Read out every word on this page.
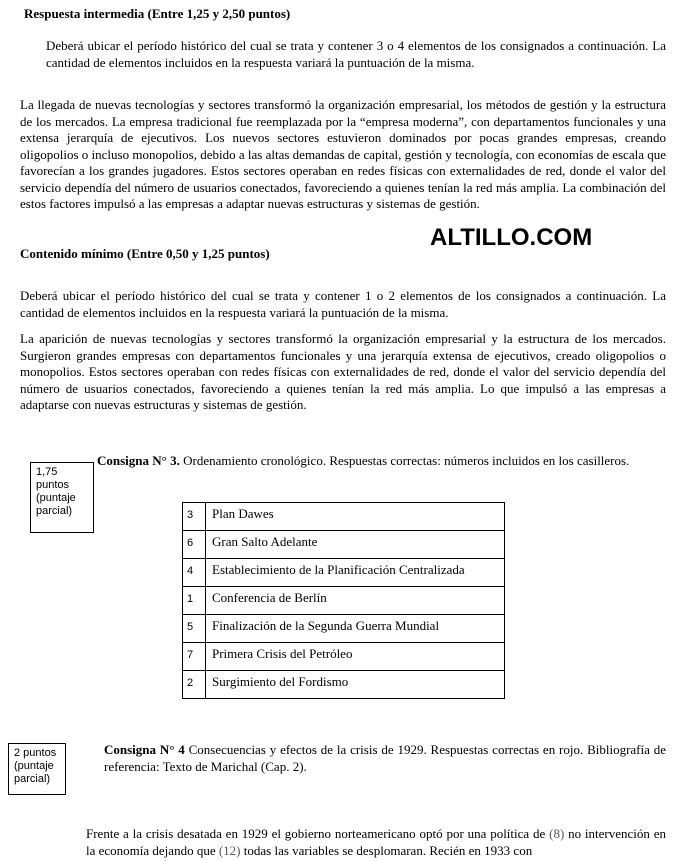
Respuesta intermedia (Entre 1,25 y 2,50 puntos)
Deberá ubicar el período histórico del cual se trata y contener 3 o 4 elementos de los consignados a continuación. La cantidad de elementos incluidos en la respuesta variará la puntuación de la misma.
La llegada de nuevas tecnologías y sectores transformó la organización empresarial, los métodos de gestión y la estructura de los mercados. La empresa tradicional fue reemplazada por la “empresa moderna”, con departamentos funcionales y una extensa jerarquía de ejecutivos. Los nuevos sectores estuvieron dominados por pocas grandes empresas, creando oligopolios o incluso monopolios, debido a las altas demandas de capital, gestión y tecnología, con economías de escala que favorecían a los grandes jugadores. Estos sectores operaban en redes físicas con externalidades de red, donde el valor del servicio dependía del número de usuarios conectados, favoreciendo a quienes tenían la red más amplia. La combinación del estos factores impulsó a las empresas a adaptar nuevas estructuras y sistemas de gestión.
Contenido mínimo (Entre 0,50 y 1,25 puntos)
ALTILLO.COM
Deberá ubicar el período histórico del cual se trata y contener 1 o 2 elementos de los consignados a continuación. La cantidad de elementos incluidos en la respuesta variará la puntuación de la misma.
La aparición de nuevas tecnologías y sectores transformó la organización empresarial y la estructura de los mercados. Surgieron grandes empresas con departamentos funcionales y una jerarquía extensa de ejecutivos, creado oligopolios o monopolios. Estos sectores operaban con redes físicas con externalidades de red, donde el valor del servicio dependía del número de usuarios conectados, favoreciendo a quienes tenían la red más amplia. Lo que impulsó a las empresas a adaptarse con nuevas estructuras y sistemas de gestión.
1,75
puntos
(puntaje
parcial)
Consigna N° 3. Ordenamiento cronológico. Respuestas correctas: números incluidos en los casilleros.
3	Plan Dawes
6	Gran Salto Adelante
4	Establecimiento de la Planificación Centralizada
1	Conferencia de Berlín
5	Finalización de la Segunda Guerra Mundial
7	Primera Crisis del Petróleo
2	Surgimiento del Fordismo
2 puntos
(puntaje
parcial)
Consigna N° 4 Consecuencias y efectos de la crisis de 1929. Respuestas correctas en rojo. Bibliografía de referencia: Texto de Marichal (Cap. 2).
Frente a la crisis desatada en 1929 el gobierno norteamericano optó por una política de (8) no intervención en la economía dejando que (12) todas las variables se desplomaran. Recién en 1933 con
